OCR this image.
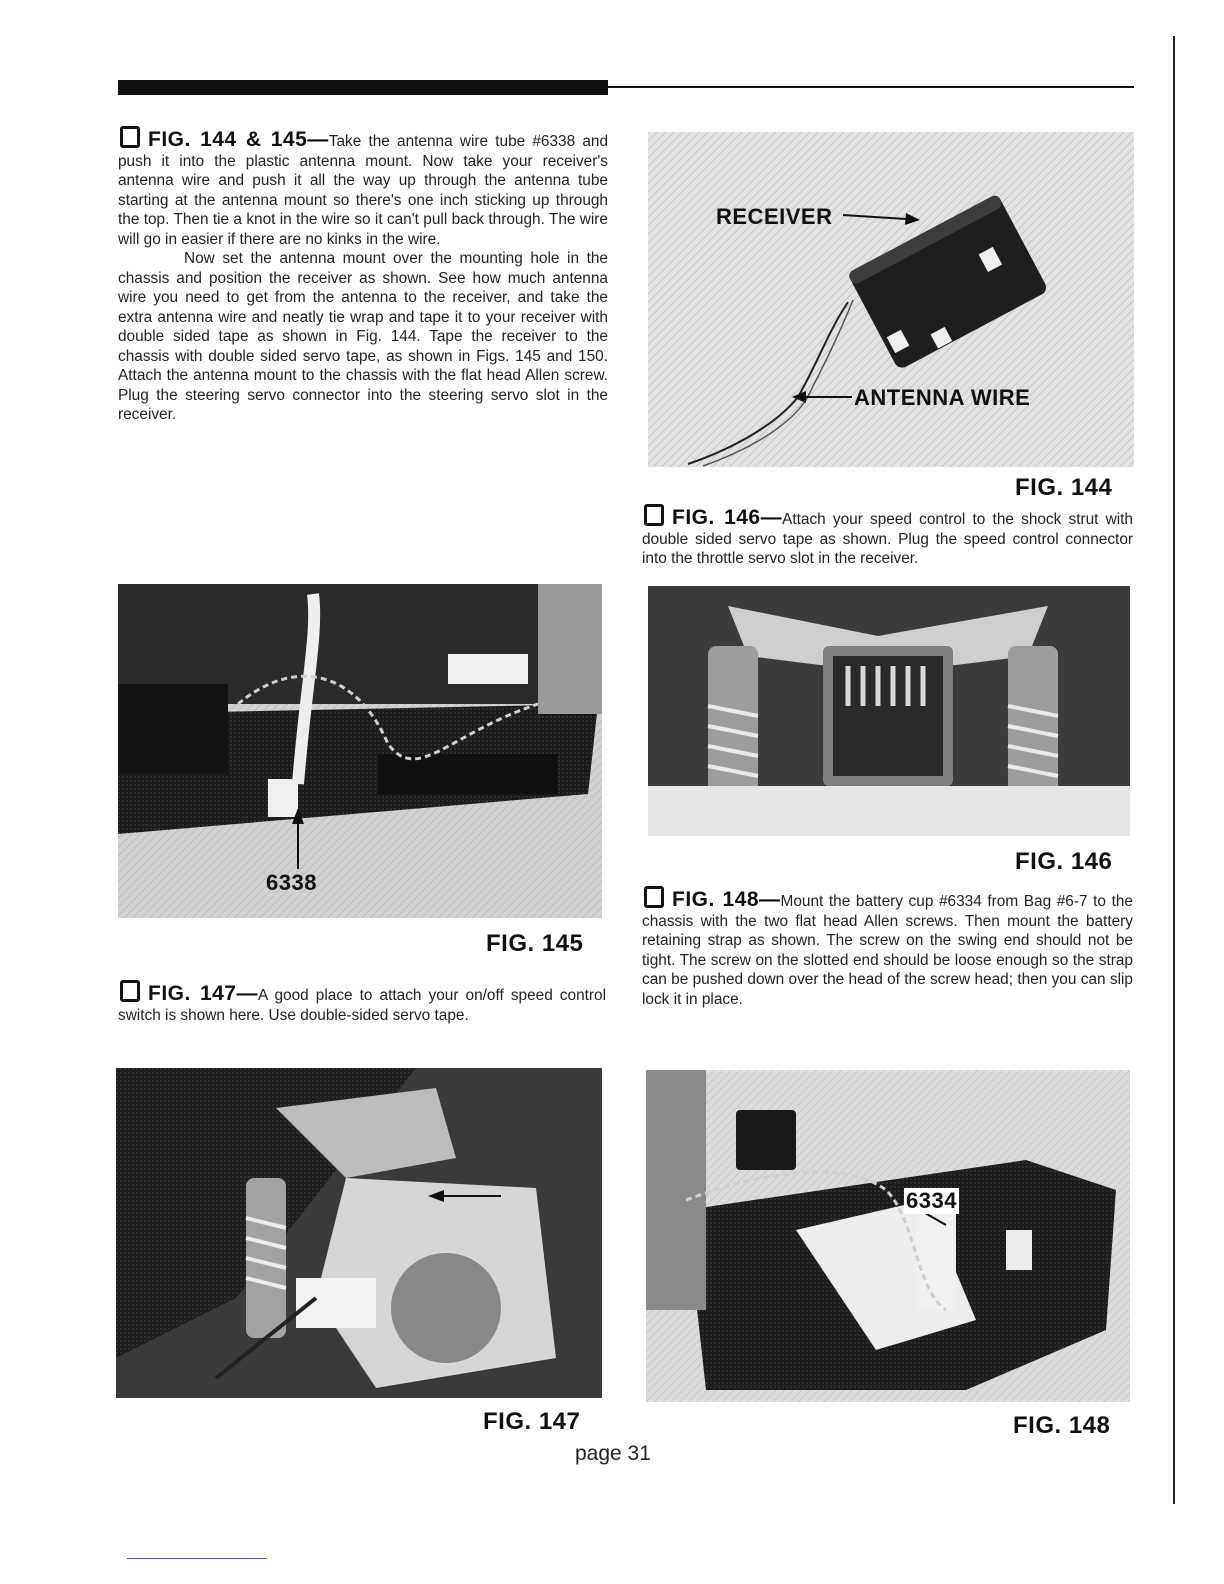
FIG. 144 & 145—Take the antenna wire tube #6338 and push it into the plastic antenna mount. Now take your receiver's antenna wire and push it all the way up through the antenna tube starting at the antenna mount so there's one inch sticking up through the top. Then tie a knot in the wire so it can't pull back through. The wire will go in easier if there are no kinks in the wire.

Now set the antenna mount over the mounting hole in the chassis and position the receiver as shown. See how much antenna wire you need to get from the antenna to the receiver, and take the extra antenna wire and neatly tie wrap and tape it to your receiver with double sided tape as shown in Fig. 144. Tape the receiver to the chassis with double sided servo tape, as shown in Figs. 145 and 150. Attach the antenna mount to the chassis with the flat head Allen screw. Plug the steering servo connector into the steering servo slot in the receiver.

RECEIVER
ANTENNA WIRE
FIG. 144

FIG. 146—Attach your speed control to the shock strut with double sided servo tape as shown. Plug the speed control connector into the throttle servo slot in the receiver.

6338
FIG. 145
FIG. 146

FIG. 148—Mount the battery cup #6334 from Bag #6-7 to the chassis with the two flat head Allen screws. Then mount the battery retaining strap as shown. The screw on the swing end should not be tight. The screw on the slotted end should be loose enough so the strap can be pushed down over the head of the screw head; then you can slip lock it in place.

FIG. 147—A good place to attach your on/off speed control switch is shown here. Use double-sided servo tape.

FIG. 147
6334
FIG. 148
page 31
